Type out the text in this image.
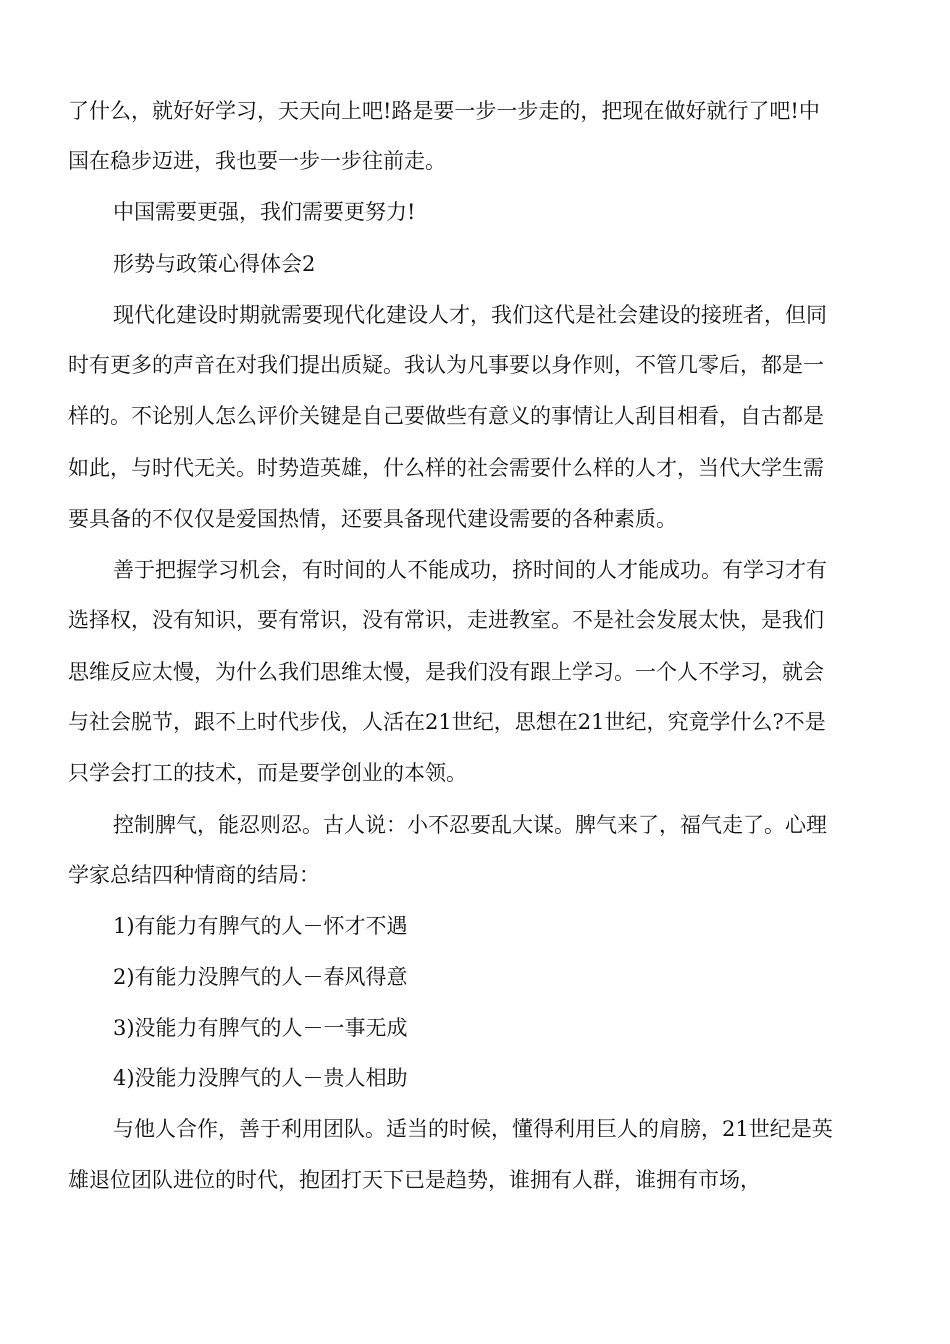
了什么，就好好学习，天天向上吧!路是要一步一步走的，把现在做好就行了吧!中
国在稳步迈进，我也要一步一步往前走。
中国需要更强，我们需要更努力!
形势与政策心得体会2
现代化建设时期就需要现代化建设人才，我们这代是社会建设的接班者，但同
时有更多的声音在对我们提出质疑。我认为凡事要以身作则，不管几零后，都是一
样的。不论别人怎么评价关键是自己要做些有意义的事情让人刮目相看，自古都是
如此，与时代无关。时势造英雄，什么样的社会需要什么样的人才，当代大学生需
要具备的不仅仅是爱国热情，还要具备现代建设需要的各种素质。
善于把握学习机会，有时间的人不能成功，挤时间的人才能成功。有学习才有
选择权，没有知识，要有常识，没有常识，走进教室。不是社会发展太快，是我们
思维反应太慢，为什么我们思维太慢，是我们没有跟上学习。一个人不学习，就会
与社会脱节，跟不上时代步伐，人活在21世纪，思想在21世纪，究竟学什么?不是
只学会打工的技术，而是要学创业的本领。
控制脾气，能忍则忍。古人说：小不忍要乱大谋。脾气来了，福气走了。心理
学家总结四种情商的结局：
1)有能力有脾气的人－怀才不遇
2)有能力没脾气的人－春风得意
3)没能力有脾气的人－一事无成
4)没能力没脾气的人－贵人相助
与他人合作，善于利用团队。适当的时候，懂得利用巨人的肩膀，21世纪是英
雄退位团队进位的时代，抱团打天下已是趋势，谁拥有人群，谁拥有市场，
